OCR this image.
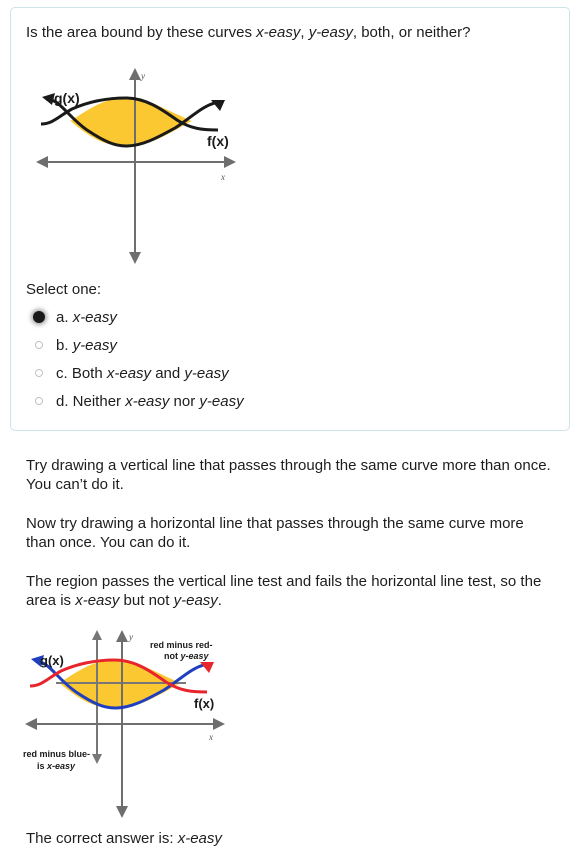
Is the area bound by these curves x-easy, y-easy, both, or neither?
g(x)
f(x)
x
y
Select one:
a. x-easy
b. y-easy
c. Both x-easy and y-easy
d. Neither x-easy nor y-easy
Try drawing a vertical line that passes through the same curve more than once.
You can’t do it.
Now try drawing a horizontal line that passes through the same curve more
than once. You can do it.
The region passes the vertical line test and fails the horizontal line test, so the
area is x-easy but not y-easy.
g(x)
f(x)
x
y
red minus red-
not y-easy
red minus blue-
is x-easy
The correct answer is: x-easy
